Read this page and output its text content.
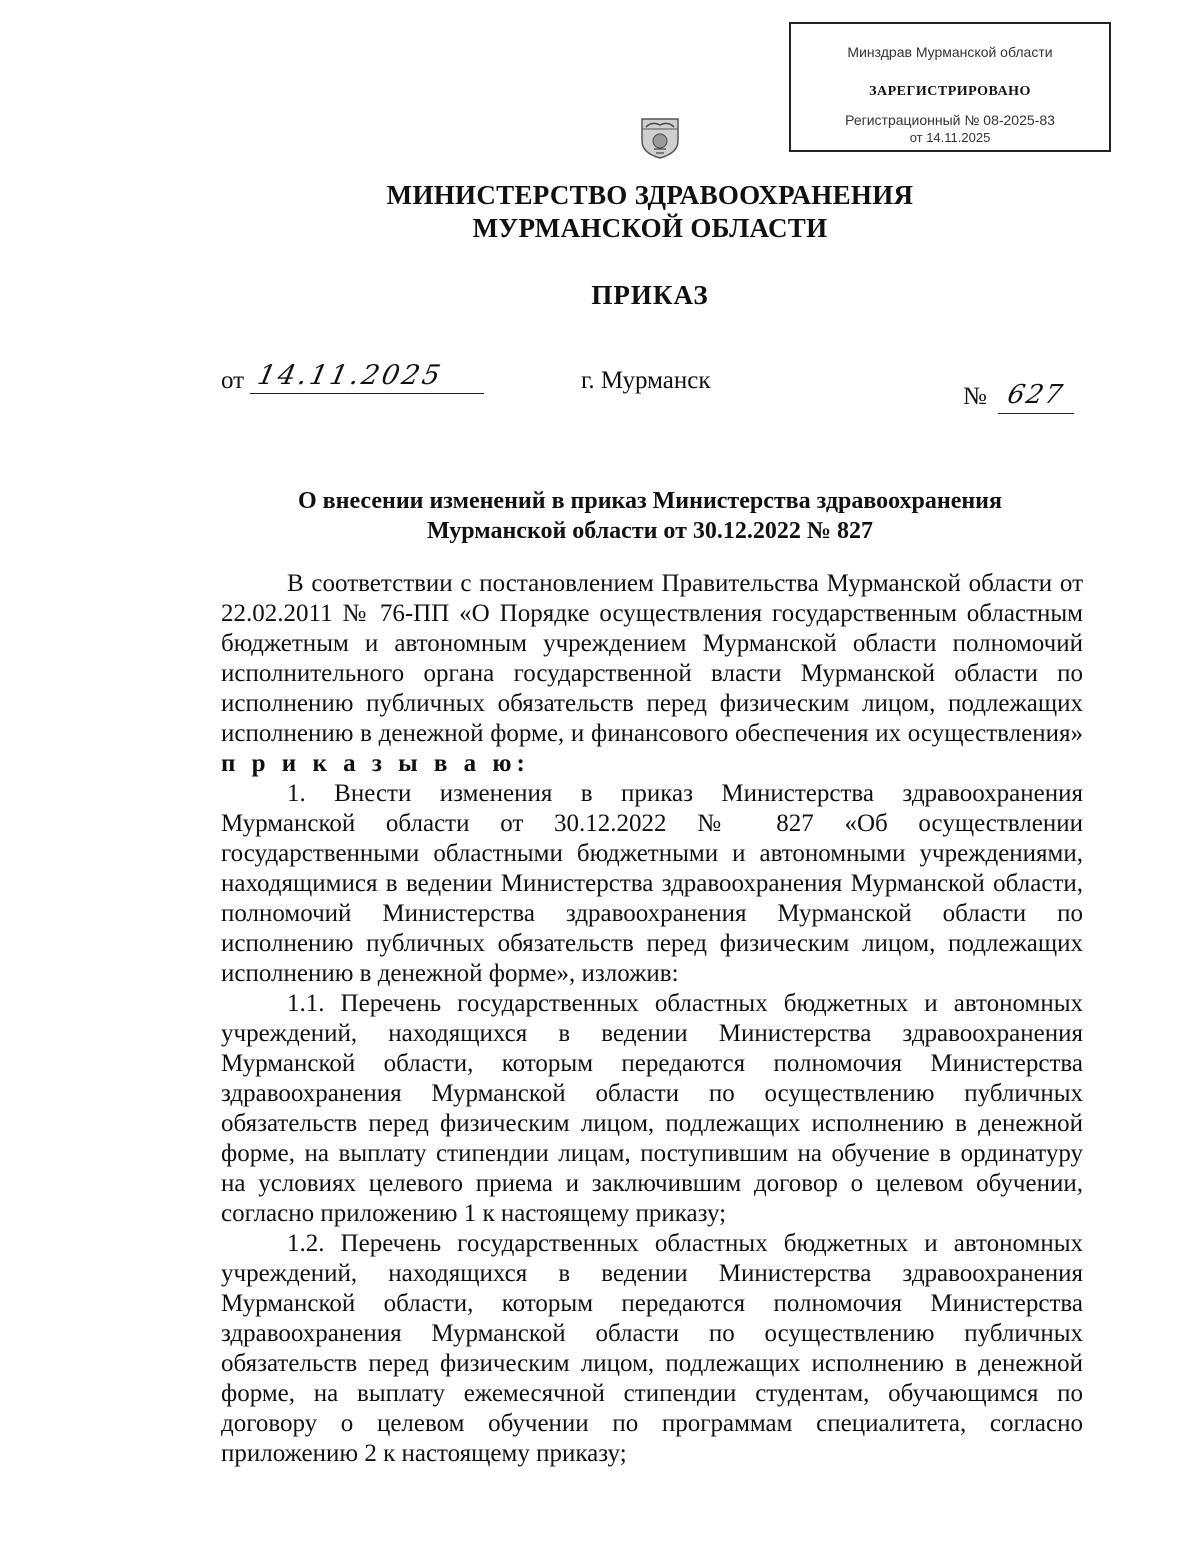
Минздрав Мурманской области
ЗАРЕГИСТРИРОВАНО
Регистрационный № 08-2025-83
от 14.11.2025
МИНИСТЕРСТВО ЗДРАВООХРАНЕНИЯ
МУРМАНСКОЙ ОБЛАСТИ
ПРИКАЗ
от 14.11.2025	г. Мурманск
№ 627
О внесении изменений в приказ Министерства здравоохранения
Мурманской области от 30.12.2022 № 827

В соответствии с постановлением Правительства Мурманской области от 22.02.2011 № 76-ПП «О Порядке осуществления государственным областным бюджетным и автономным учреждением Мурманской области полномочий исполнительного органа государственной власти Мурманской области по исполнению публичных обязательств перед физическим лицом, подлежащих исполнению в денежной форме, и финансового обеспечения их осуществления» п р и к а з ы в а ю:

1. Внести изменения в приказ Министерства здравоохранения Мурманской области от 30.12.2022 № 827 «Об осуществлении государственными областными бюджетными и автономными учреждениями, находящимися в ведении Министерства здравоохранения Мурманской области, полномочий Министерства здравоохранения Мурманской области по исполнению публичных обязательств перед физическим лицом, подлежащих исполнению в денежной форме», изложив:

1.1. Перечень государственных областных бюджетных и автономных учреждений, находящихся в ведении Министерства здравоохранения Мурманской области, которым передаются полномочия Министерства здравоохранения Мурманской области по осуществлению публичных обязательств перед физическим лицом, подлежащих исполнению в денежной форме, на выплату стипендии лицам, поступившим на обучение в ординатуру на условиях целевого приема и заключившим договор о целевом обучении, согласно приложению 1 к настоящему приказу;

1.2. Перечень государственных областных бюджетных и автономных учреждений, находящихся в ведении Министерства здравоохранения Мурманской области, которым передаются полномочия Министерства здравоохранения Мурманской области по осуществлению публичных обязательств перед физическим лицом, подлежащих исполнению в денежной форме, на выплату ежемесячной стипендии студентам, обучающимся по договору о целевом обучении по программам специалитета, согласно приложению 2 к настоящему приказу;
